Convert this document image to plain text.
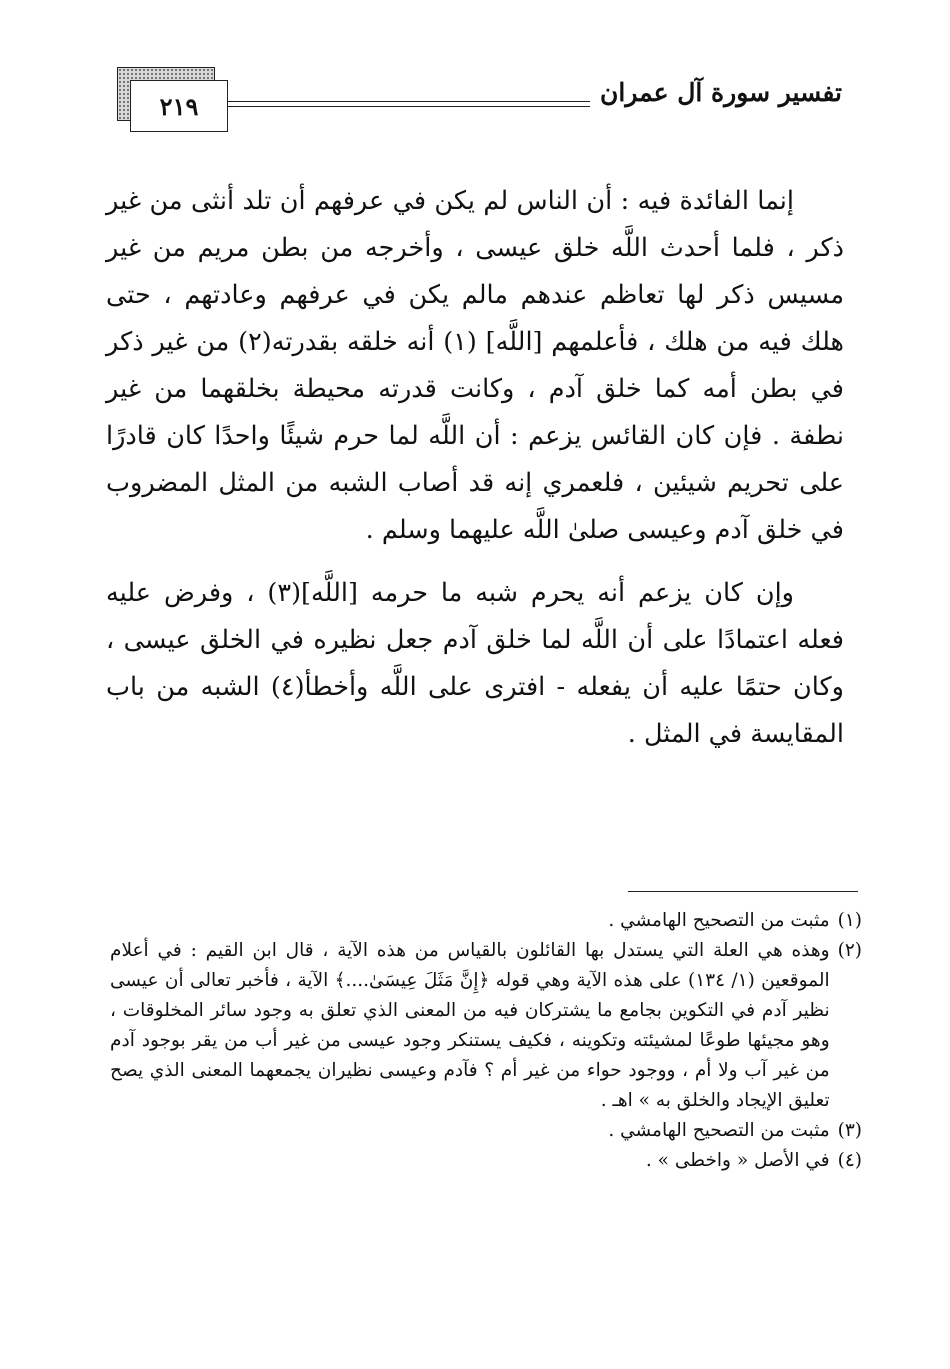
تفسير سورة آل عمران
٢١٩

إنما الفائدة فيه : أن الناس لم يكن في عرفهم أن تلد أنثى من غير ذكر ، فلما أحدث اللَّه خلق عيسى ، وأخرجه من بطن مريم من غير مسيس ذكر لها تعاظم عندهم مالم يكن في عرفهم وعادتهم ، حتى هلك فيه من هلك ، فأعلمهم [اللَّه] (١) أنه خلقه بقدرته(٢) من غير ذكر في بطن أمه كما خلق آدم ، وكانت قدرته محيطة بخلقهما من غير نطفة . فإن كان القائس يزعم : أن اللَّه لما حرم شيئًا واحدًا كان قادرًا على تحريم شيئين ، فلعمري إنه قد أصاب الشبه من المثل المضروب في خلق آدم وعيسى صلىٰ اللَّه عليهما وسلم .

وإن كان يزعم أنه يحرم شبه ما حرمه [اللَّه](٣) ، وفرض عليه فعله اعتمادًا على أن اللَّه لما خلق آدم جعل نظيره في الخلق عيسى ، وكان حتمًا عليه أن يفعله - افترى على اللَّه وأخطأ(٤) الشبه من باب المقايسة في المثل .

(١)
مثبت من التصحيح الهامشي .
(٢)
وهذه هي العلة التي يستدل بها القائلون بالقياس من هذه الآية ، قال ابن القيم : في أعلام الموقعين (١/ ١٣٤) على هذه الآية وهي قوله ﴿إِنَّ مَثَلَ عِيسَىٰ....﴾ الآية ، فأخبر تعالى أن عيسى نظير آدم في التكوين بجامع ما يشتركان فيه من المعنى الذي تعلق به وجود سائر المخلوقات ، وهو مجيئها طوعًا لمشيئته وتكوينه ، فكيف يستنكر وجود عيسى من غير أب من يقر بوجود آدم من غير آب ولا أم ، ووجود حواء من غير أم ؟ فآدم وعيسى نظيران يجمعهما المعنى الذي يصح تعليق الإيجاد والخلق به » اهـ .
(٣)
مثبت من التصحيح الهامشي .
(٤)
في الأصل « واخطى » .
